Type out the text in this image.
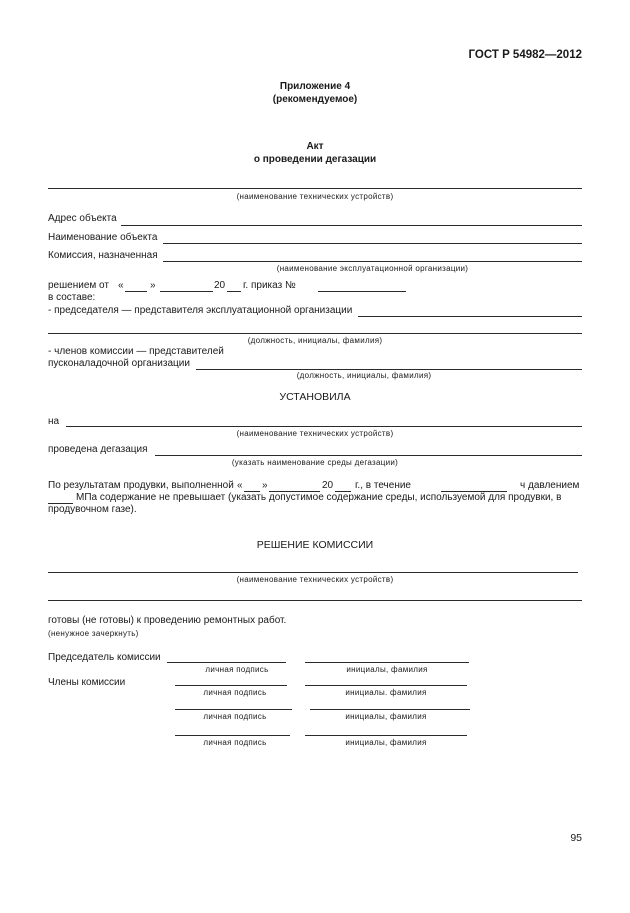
ГОСТ Р 54982—2012
Приложение 4
(рекомендуемое)
Акт
о проведении дегазации
(наименование технических устройств)
Адрес объекта
Наименование объекта
Комиссия, назначенная
(наименование эксплуатационной организации)
решением от «	»	20 г. приказ №
в составе:
- председателя — представителя эксплуатационной организации
(должность, инициалы, фамилия)
- членов комиссии — представителей
пусконаладочной организации
(должность, инициалы, фамилия)
УСТАНОВИЛА
на
(наименование технических устройств)
проведена дегазация
(указать наименование среды дегазации)
По результатам продувки, выполненной « »	20 г., в течение	ч давлением
МПа содержание не превышает (указать допустимое содержание среды, используемой для продувки, в
продувочном газе).
РЕШЕНИЕ КОМИССИИ
(наименование технических устройств)
готовы (не готовы) к проведению ремонтных работ.
(ненужное зачеркнуть)
Председатель комиссии
личная подпись	инициалы, фамилия
Члены комиссии
личная подпись	инициалы. фамилия
личная подпись	инициалы, фамилия
личная подпись	инициалы, фамилия
95
